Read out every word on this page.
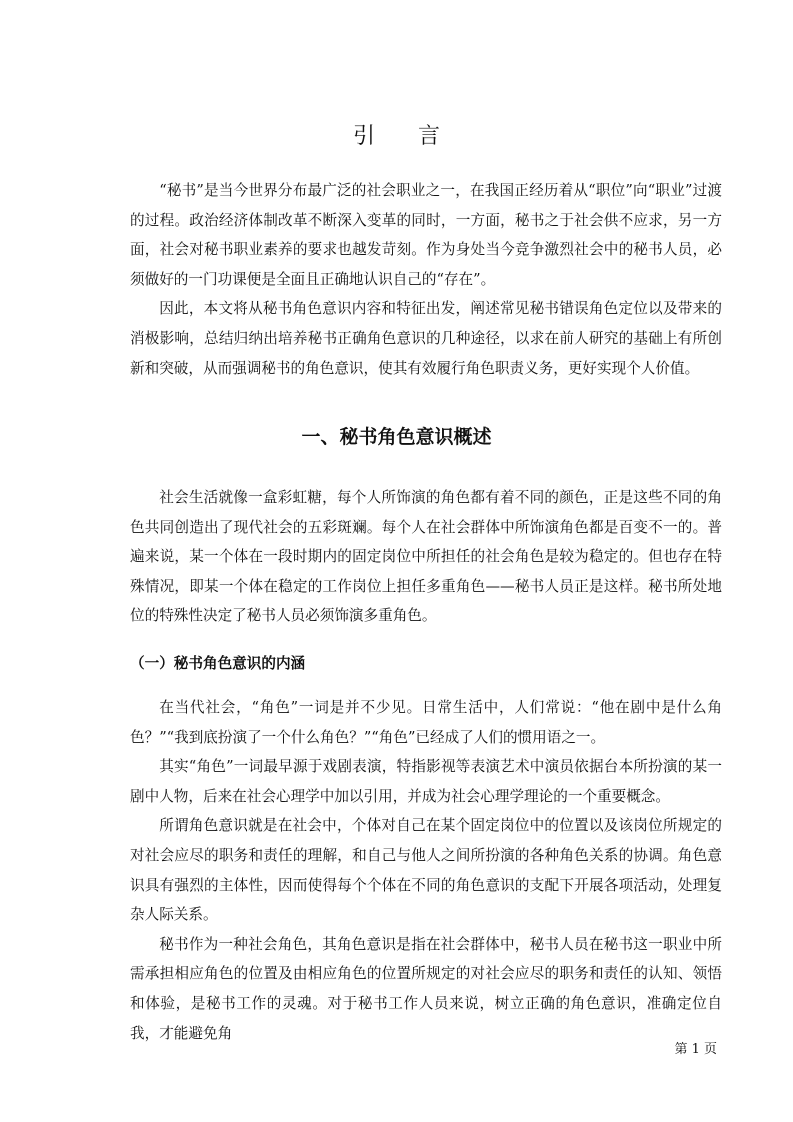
引 言

“秘书”是当今世界分布最广泛的社会职业之一，在我国正经历着从“职位”向“职业”过渡的过程。政治经济体制改革不断深入变革的同时，一方面，秘书之于社会供不应求，另一方面，社会对秘书职业素养的要求也越发苛刻。作为身处当今竞争激烈社会中的秘书人员，必须做好的一门功课便是全面且正确地认识自己的“存在”。

因此，本文将从秘书角色意识内容和特征出发，阐述常见秘书错误角色定位以及带来的消极影响，总结归纳出培养秘书正确角色意识的几种途径，以求在前人研究的基础上有所创新和突破，从而强调秘书的角色意识，使其有效履行角色职责义务，更好实现个人价值。

一、秘书角色意识概述

社会生活就像一盒彩虹糖，每个人所饰演的角色都有着不同的颜色，正是这些不同的角色共同创造出了现代社会的五彩斑斓。每个人在社会群体中所饰演角色都是百变不一的。普遍来说，某一个体在一段时期内的固定岗位中所担任的社会角色是较为稳定的。但也存在特殊情况，即某一个体在稳定的工作岗位上担任多重角色——秘书人员正是这样。秘书所处地位的特殊性决定了秘书人员必须饰演多重角色。

（一）秘书角色意识的内涵

在当代社会，“角色”一词是并不少见。日常生活中，人们常说：“他在剧中是什么角色？”“我到底扮演了一个什么角色？”“角色”已经成了人们的惯用语之一。

其实“角色”一词最早源于戏剧表演，特指影视等表演艺术中演员依据台本所扮演的某一剧中人物，后来在社会心理学中加以引用，并成为社会心理学理论的一个重要概念。

所谓角色意识就是在社会中，个体对自己在某个固定岗位中的位置以及该岗位所规定的对社会应尽的职务和责任的理解，和自己与他人之间所扮演的各种角色关系的协调。角色意识具有强烈的主体性，因而使得每个个体在不同的角色意识的支配下开展各项活动，处理复杂人际关系。

秘书作为一种社会角色，其角色意识是指在社会群体中，秘书人员在秘书这一职业中所需承担相应角色的位置及由相应角色的位置所规定的对社会应尽的职务和责任的认知、领悟和体验，是秘书工作的灵魂。对于秘书工作人员来说，树立正确的角色意识，准确定位自我，才能避免角

第 1 页
